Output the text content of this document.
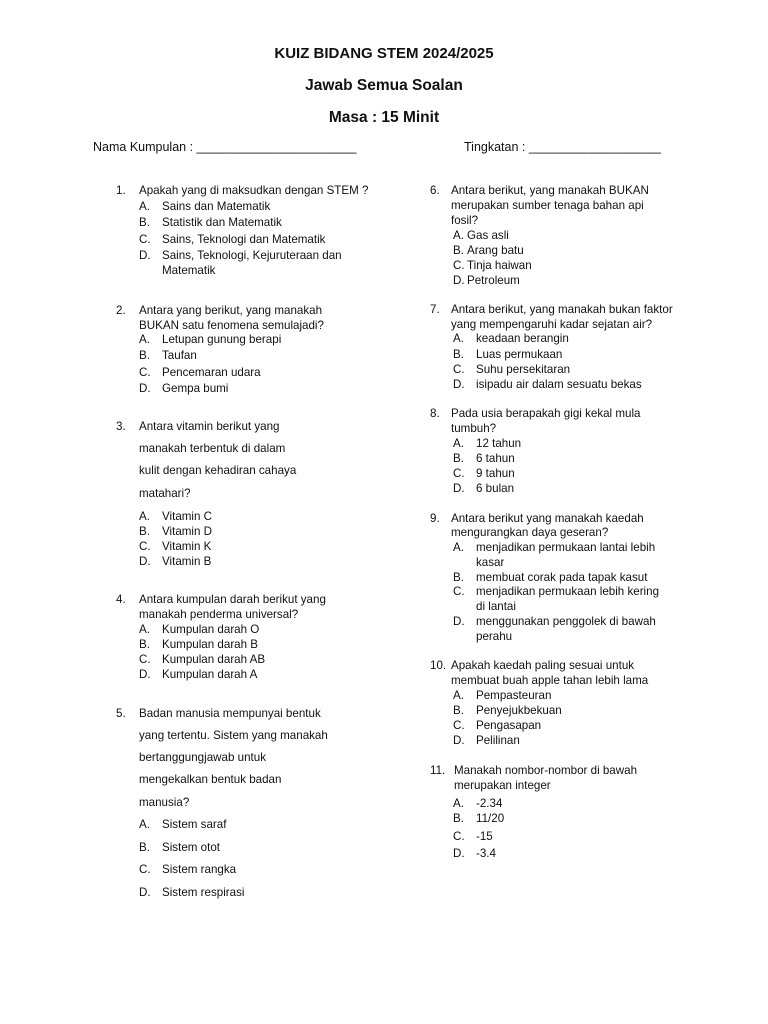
KUIZ BIDANG STEM 2024/2025
Jawab Semua Soalan
Masa : 15 Minit
Nama Kumpulan : _______________________	Tingkatan : ___________________
1. Apakah yang di maksudkan dengan STEM ?
A. Sains dan Matematik
B. Statistik dan Matematik
C. Sains, Teknologi dan Matematik
D. Sains, Teknologi, Kejuruteraan dan
Matematik
2. Antara yang berikut, yang manakah
BUKAN satu fenomena semulajadi?
A. Letupan gunung berapi
B. Taufan
C. Pencemaran udara
D. Gempa bumi
3. Antara vitamin berikut yang
manakah terbentuk di dalam
kulit dengan kehadiran cahaya
matahari?
A. Vitamin C
B. Vitamin D
C. Vitamin K
D. Vitamin B
4. Antara kumpulan darah berikut yang
manakah penderma universal?
A. Kumpulan darah O
B. Kumpulan darah B
C. Kumpulan darah AB
D. Kumpulan darah A
5. Badan manusia mempunyai bentuk
yang tertentu. Sistem yang manakah
bertanggungjawab untuk
mengekalkan bentuk badan
manusia?
A. Sistem saraf
B. Sistem otot
C. Sistem rangka
D. Sistem respirasi
6. Antara berikut, yang manakah BUKAN
merupakan sumber tenaga bahan api
fosil?
A. Gas asli
B. Arang batu
C. Tinja haiwan
D. Petroleum
7. Antara berikut, yang manakah bukan faktor
yang mempengaruhi kadar sejatan air?
A. keadaan berangin
B. Luas permukaan
C. Suhu persekitaran
D. isipadu air dalam sesuatu bekas
8. Pada usia berapakah gigi kekal mula
tumbuh?
A. 12 tahun
B. 6 tahun
C. 9 tahun
D. 6 bulan
9. Antara berikut yang manakah kaedah
mengurangkan daya geseran?
A. menjadikan permukaan lantai lebih
kasar
B. membuat corak pada tapak kasut
C. menjadikan permukaan lebih kering
di lantai
D. menggunakan penggolek di bawah
perahu
10. Apakah kaedah paling sesuai untuk
membuat buah apple tahan lebih lama
A. Pempasteuran
B. Penyejukbekuan
C. Pengasapan
D. Pelilinan
11. Manakah nombor-nombor di bawah
merupakan integer
A. -2.34
B. 11/20
C. -15
D. -3.4
